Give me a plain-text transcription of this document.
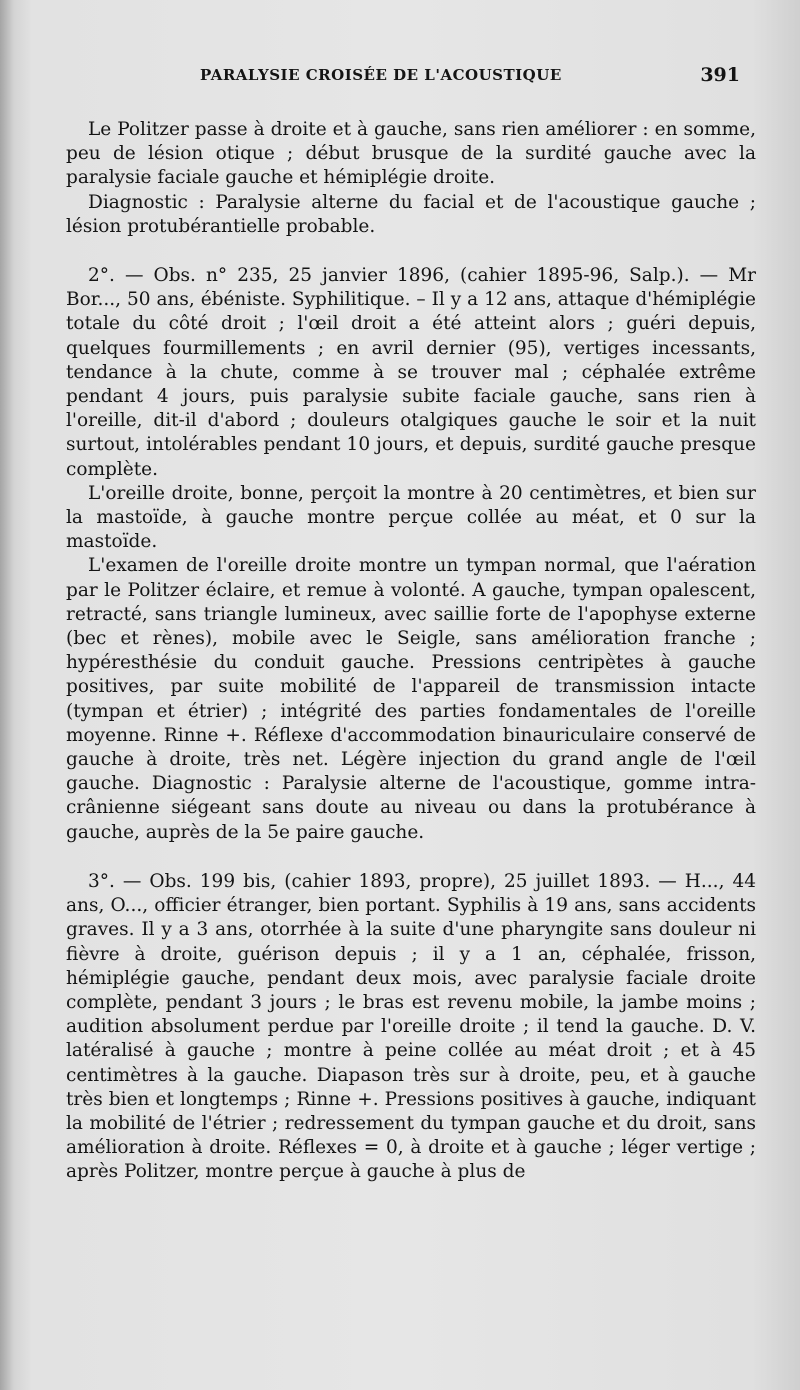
PARALYSIE CROISÉE DE L'ACOUSTIQUE	391

Le Politzer passe à droite et à gauche, sans rien améliorer : en somme, peu de lésion otique ; début brusque de la surdité gauche avec la paralysie faciale gauche et hémiplégie droite.

Diagnostic : Paralysie alterne du facial et de l'acoustique gauche ; lésion protubérantielle probable.

2°. — Obs. n° 235, 25 janvier 1896, (cahier 1895-96, Salp.). — Mr Bor..., 50 ans, ébéniste. Syphilitique. – Il y a 12 ans, attaque d'hémiplégie totale du côté droit ; l'œil droit a été atteint alors ; guéri depuis, quelques fourmillements ; en avril dernier (95), vertiges incessants, tendance à la chute, comme à se trouver mal ; céphalée extrême pendant 4 jours, puis paralysie subite faciale gauche, sans rien à l'oreille, dit-il d'abord ; douleurs otalgiques gauche le soir et la nuit surtout, intolérables pendant 10 jours, et depuis, surdité gauche presque complète.

L'oreille droite, bonne, perçoit la montre à 20 centimètres, et bien sur la mastoïde, à gauche montre perçue collée au méat, et 0 sur la mastoïde.

L'examen de l'oreille droite montre un tympan normal, que l'aération par le Politzer éclaire, et remue à volonté. A gauche, tympan opalescent, retracté, sans triangle lumineux, avec saillie forte de l'apophyse externe (bec et rènes), mobile avec le Seigle, sans amélioration franche ; hypéresthésie du conduit gauche. Pressions centripètes à gauche positives, par suite mobilité de l'appareil de transmission intacte (tympan et étrier) ; intégrité des parties fondamentales de l'oreille moyenne. Rinne +. Réflexe d'accommodation binauriculaire conservé de gauche à droite, très net. Légère injection du grand angle de l'œil gauche. Diagnostic : Paralysie alterne de l'acoustique, gomme intra-crânienne siégeant sans doute au niveau ou dans la protubérance à gauche, auprès de la 5e paire gauche.

3°. — Obs. 199 bis, (cahier 1893, propre), 25 juillet 1893. — H..., 44 ans, O..., officier étranger, bien portant. Syphilis à 19 ans, sans accidents graves. Il y a 3 ans, otorrhée à la suite d'une pharyngite sans douleur ni fièvre à droite, guérison depuis ; il y a 1 an, céphalée, frisson, hémiplégie gauche, pendant deux mois, avec paralysie faciale droite complète, pendant 3 jours ; le bras est revenu mobile, la jambe moins ; audition absolument perdue par l'oreille droite ; il tend la gauche. D. V. latéralisé à gauche ; montre à peine collée au méat droit ; et à 45 centimètres à la gauche. Diapason très sur à droite, peu, et à gauche très bien et longtemps ; Rinne +. Pressions positives à gauche, indiquant la mobilité de l'étrier ; redressement du tympan gauche et du droit, sans amélioration à droite. Réflexes = 0, à droite et à gauche ; léger vertige ; après Politzer, montre perçue à gauche à plus de
